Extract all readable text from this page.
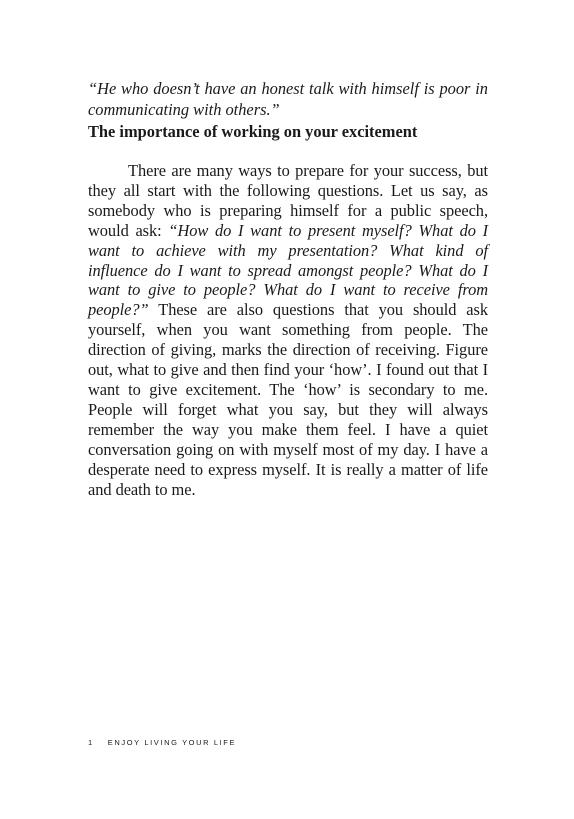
“He who doesn’t have an honest talk with himself is poor in communicating with others.”

The importance of working on your excitement

There are many ways to prepare for your success, but they all start with the following questions. Let us say, as somebody who is preparing himself for a public speech, would ask: “How do I want to present myself? What do I want to achieve with my presentation? What kind of influence do I want to spread amongst people? What do I want to give to people? What do I want to receive from people?” These are also questions that you should ask yourself, when you want something from people. The direction of giving, marks the direction of receiving. Figure out, what to give and then find your ‘how’. I found out that I want to give excitement. The ‘how’ is secondary to me. People will forget what you say, but they will always remember the way you make them feel. I have a quiet conversation going on with myself most of my day. I have a desperate need to express myself. It is really a matter of life and death to me.

1 ENJOY LIVING YOUR LIFE
